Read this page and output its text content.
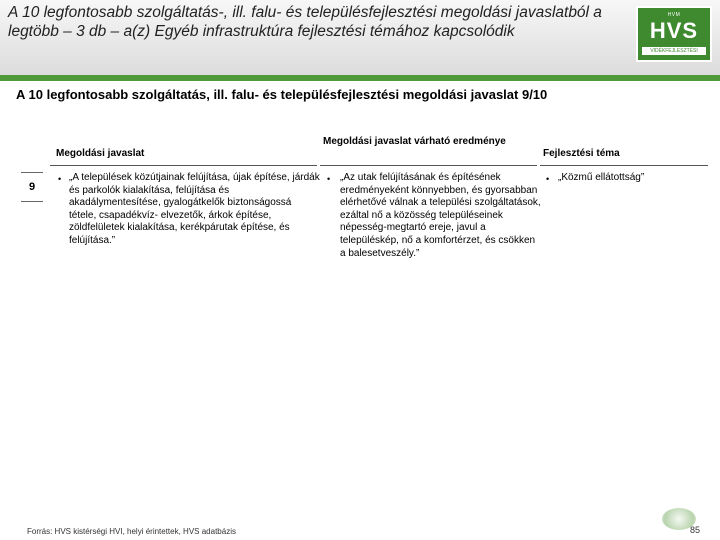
A 10 legfontosabb szolgáltatás-, ill. falu- és településfejlesztési megoldási javaslatból a legtöbb – 3 db – a(z) Egyéb infrastruktúra fejlesztési témához kapcsolódik
HVM
HVS
VIDÉKFEJLESZTÉSI STRATÉGIA
A 10 legfontosabb szolgáltatás, ill. falu- és településfejlesztési megoldási javaslat 9/10
Megoldási javaslat
Megoldási javaslat várható eredménye
Fejlesztési téma
9
• „A települések közútjainak felújítása, újak építése, járdák és parkolók kialakítása, felújítása és akadálymentesítése, gyalogátkelők biztonságossá tétele, csapadékvíz- elvezetők, árkok építése, zöldfelületek kialakítása, kerékpárutak építése, és felújítása.”
• „Az utak felújításának és építésének eredményeként könnyebben, és gyorsabban elérhetővé válnak a települési szolgáltatások, ezáltal nő a közösség településeinek népesség-megtartó ereje, javul a településkép, nő a komfortérzet, és csökken a balesetveszély.”
• „Közmű ellátottság”
Forrás: HVS kistérségi HVI, helyi érintettek, HVS adatbázis	85
